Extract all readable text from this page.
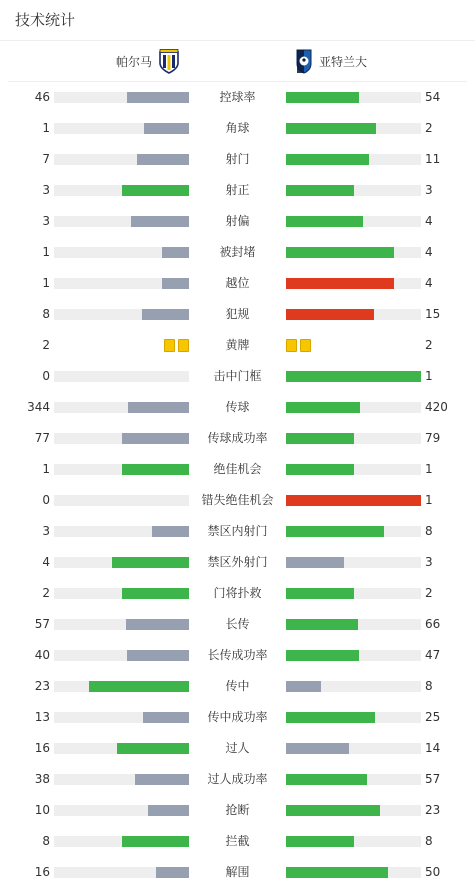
技术统计
帕尔马	亚特兰大
46	控球率	54
1	角球	2
7	射门	11
3	射正	3
3	射偏	4
1	被封堵	4
1	越位	4
8	犯规	15
2	黄牌	2
0	击中门框	1
344	传球	420
77	传球成功率	79
1	绝佳机会	1
0	错失绝佳机会	1
3	禁区内射门	8
4	禁区外射门	3
2	门将扑救	2
57	长传	66
40	长传成功率	47
23	传中	8
13	传中成功率	25
16	过人	14
38	过人成功率	57
10	抢断	23
8	拦截	8
16	解围	50
